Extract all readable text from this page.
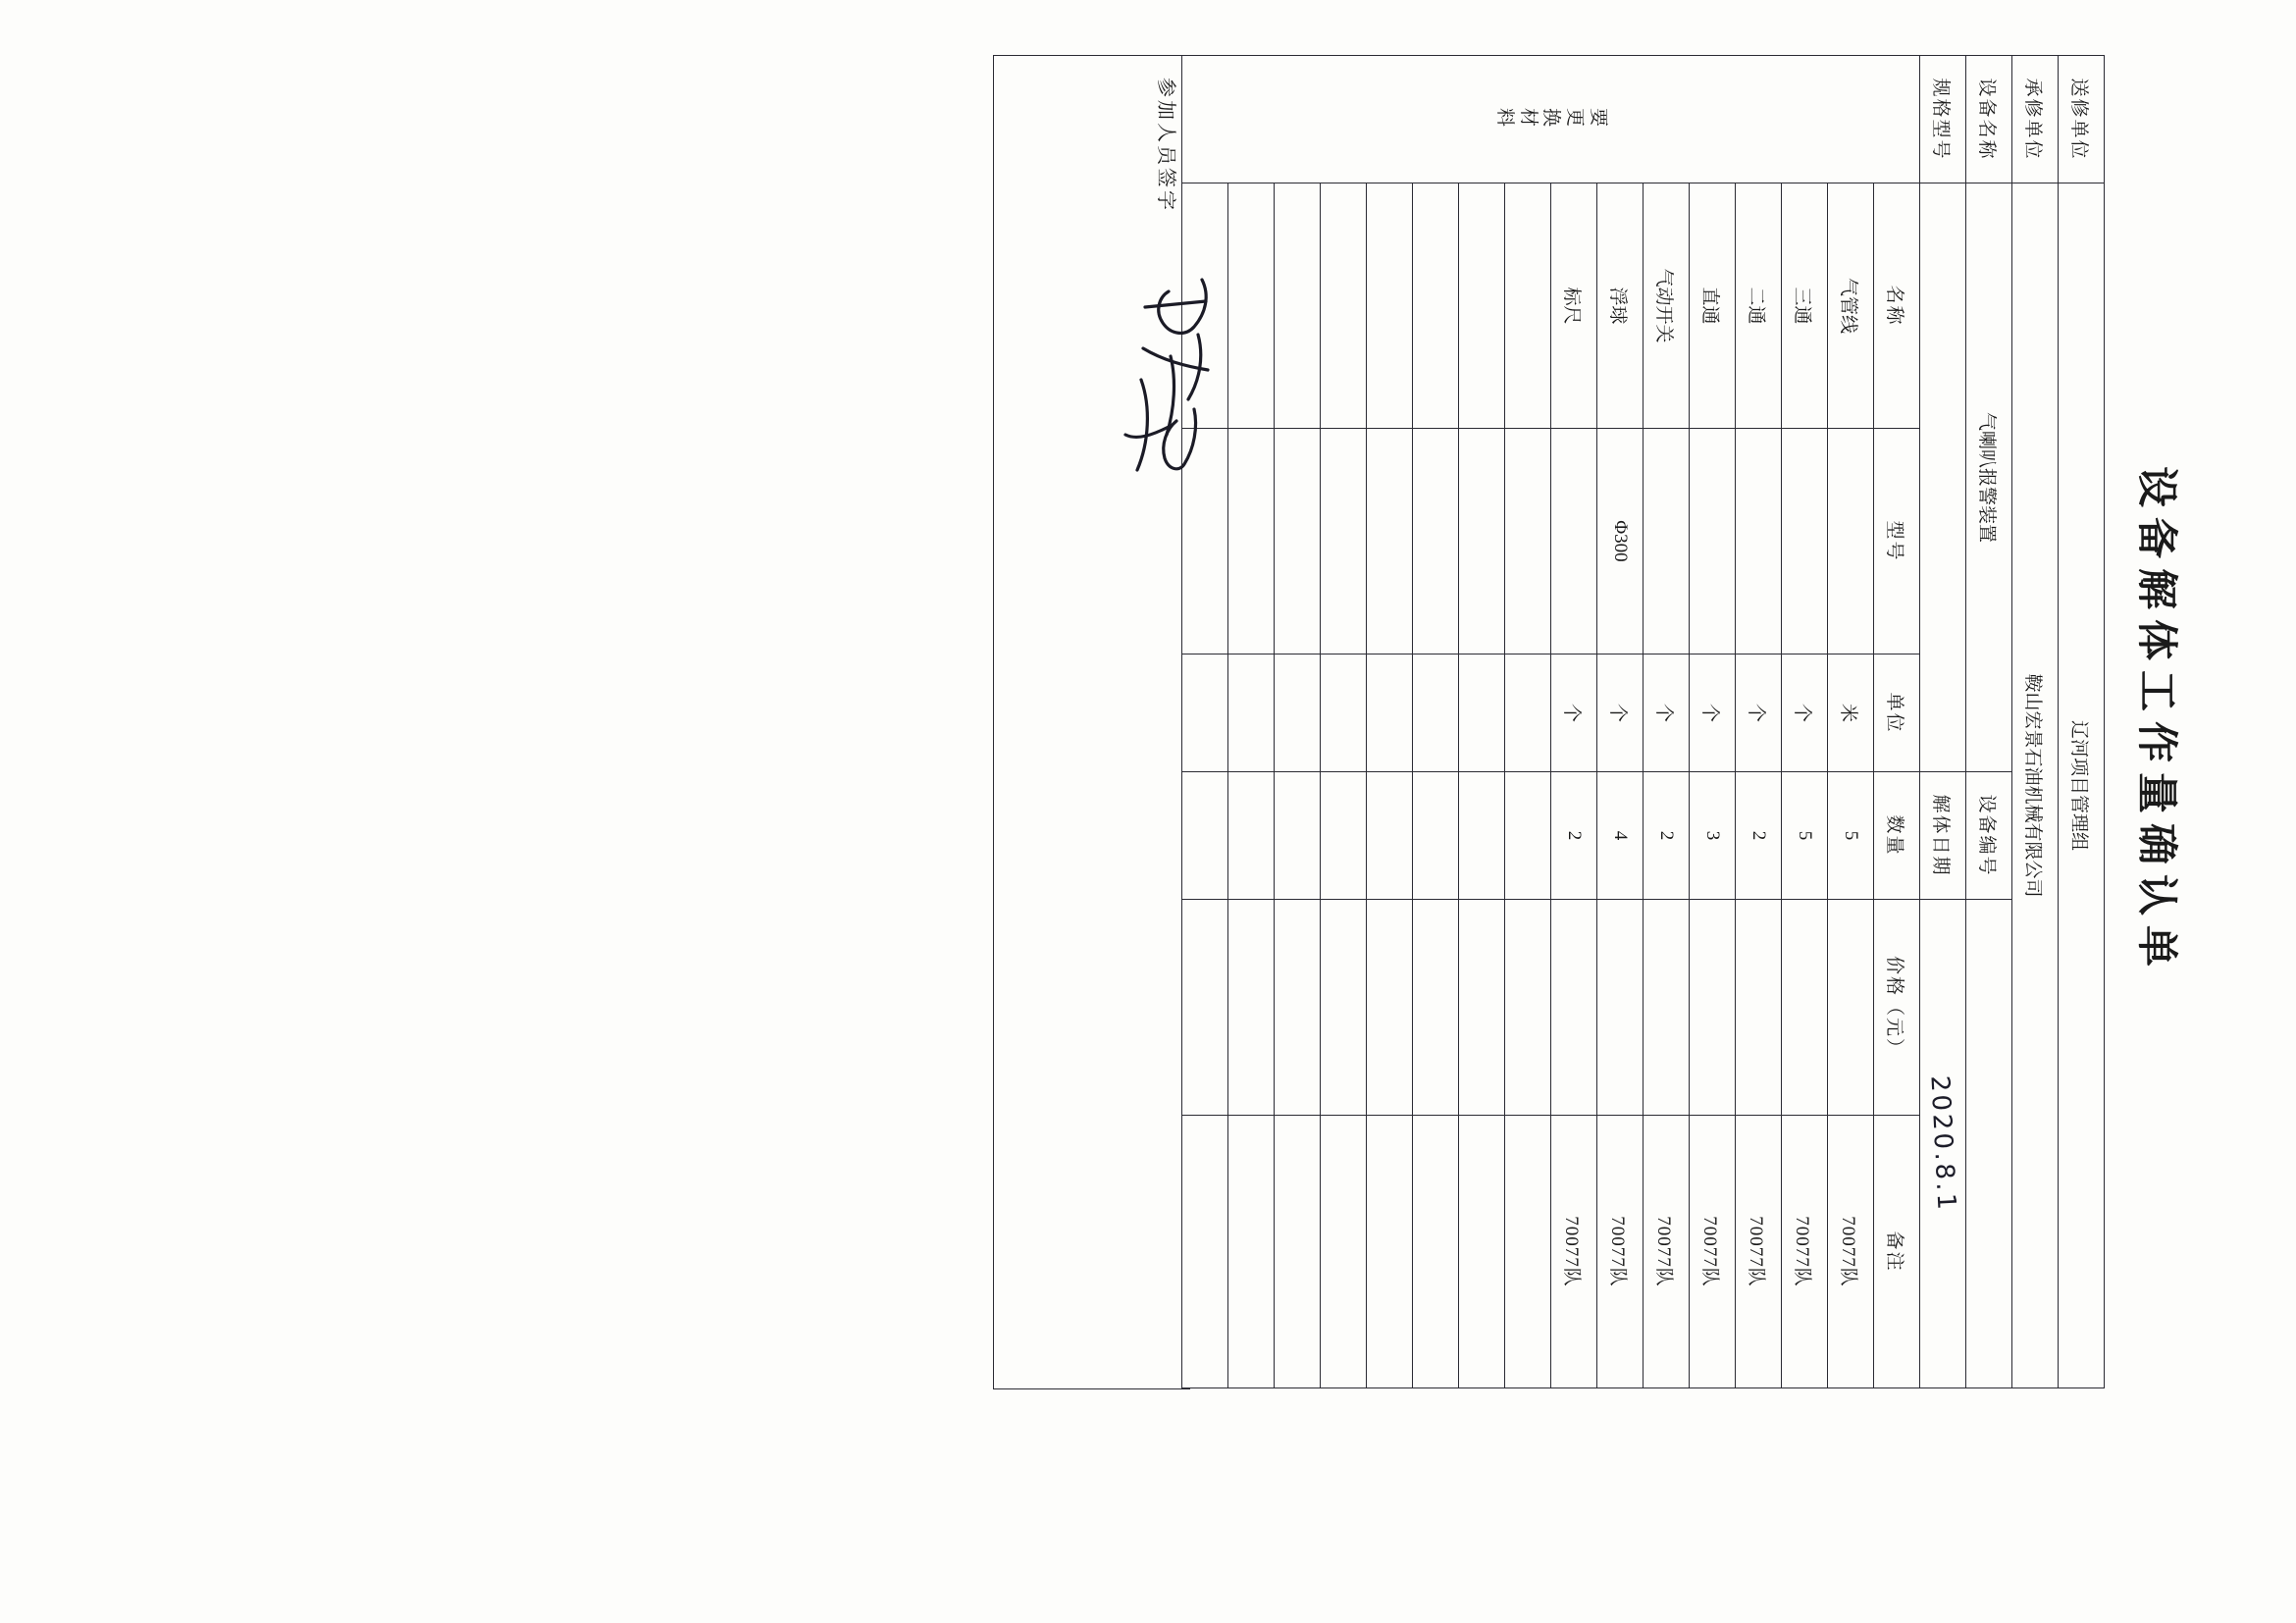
设备解体工作量确认单
送修单位	辽河项目管理组					
承修单位	鞍山宏景石油机械有限公司					
设备名称	气喇叭报警装置			设备编号		
规格型号				解体日期	2020.8.1	
要
更
换
材
料	名称	型号	单位	数量	价格（元）	备注
	气管线		米	5		70077队
	三通		个	5		70077队
	二通		个	2		70077队
	直通		个	3		70077队
	气动开关		个	2		70077队
	浮球	Φ300	个	4		70077队
	标尺		个	2		70077队

参加人员签字
